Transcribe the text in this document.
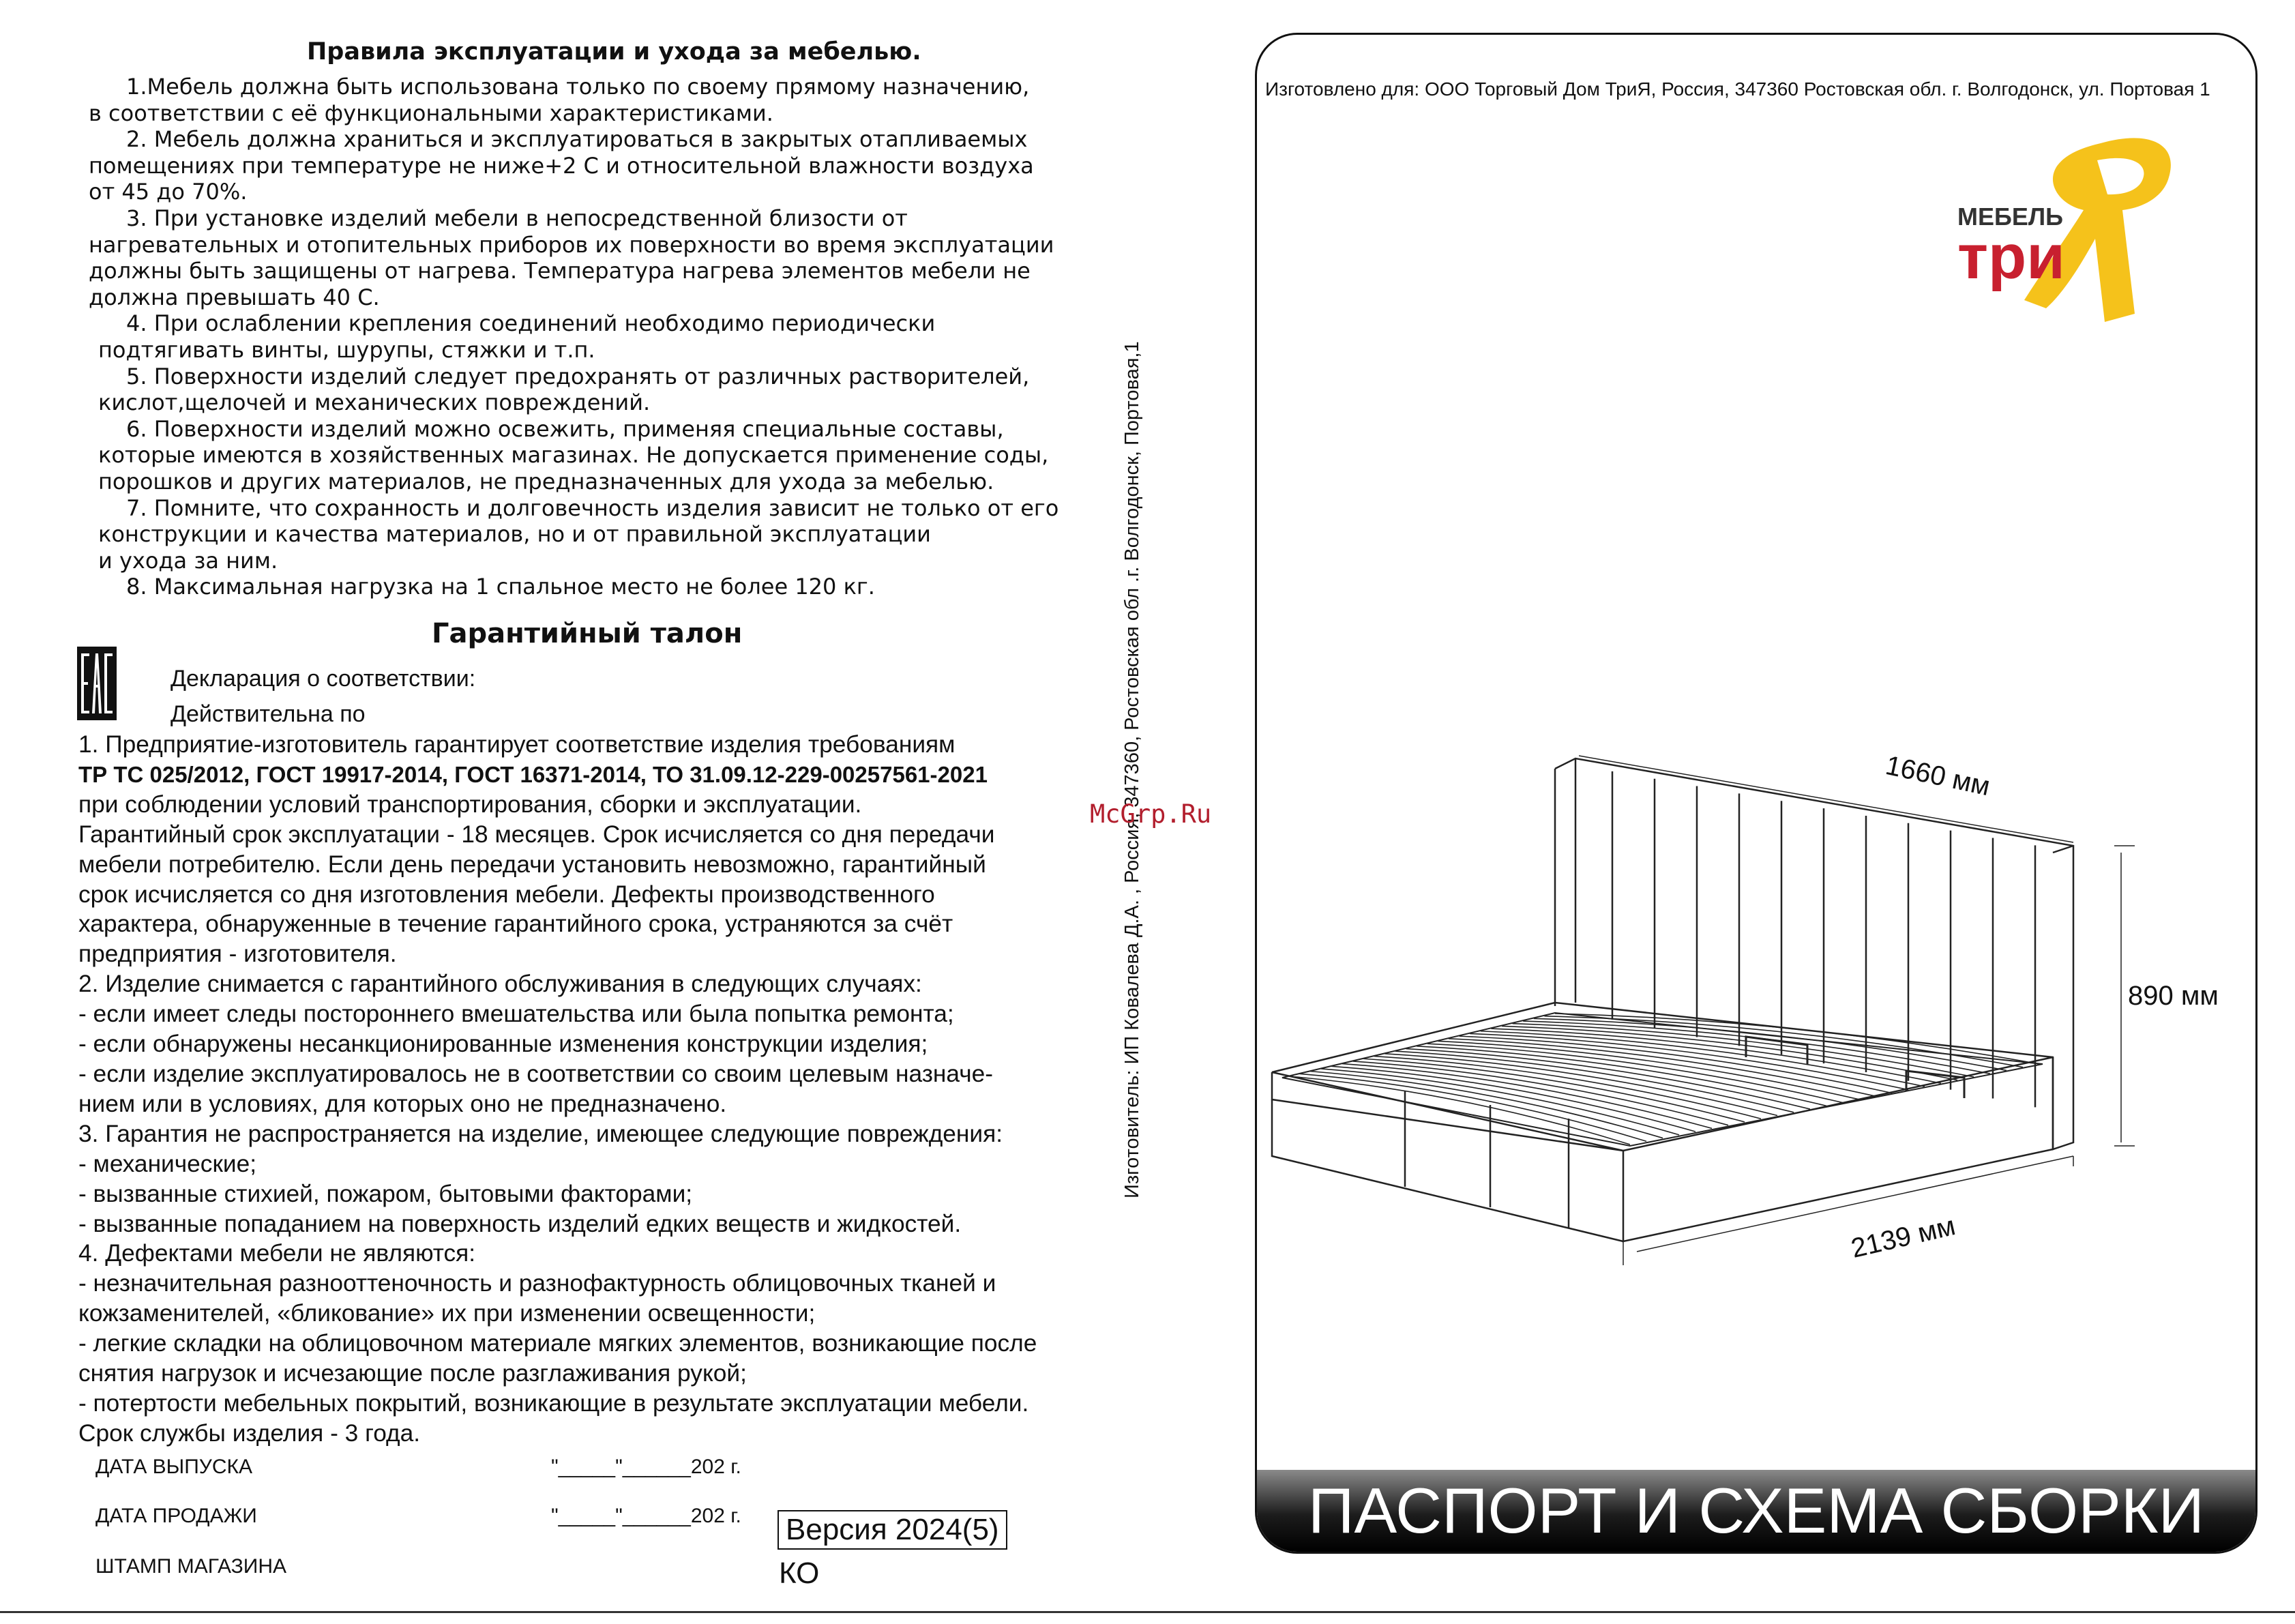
Правила эксплуатации и ухода за мебелью.

1.Мебель должна быть использована только по своему прямому назначению,

в соответствии с её функциональными характеристиками.

2. Мебель должна храниться и эксплуатироваться в закрытых отапливаемых

помещениях при температуре не ниже+2 С и относительной влажности воздуха

от 45 до 70%.

3. При установке изделий мебели в непосредственной близости от

нагревательных и отопительных приборов их поверхности во время эксплуатации

должны быть защищены от нагрева. Температура нагрева элементов мебели не

должна превышать 40 С.

4. При ослаблении крепления соединений необходимо периодически

подтягивать винты, шурупы, стяжки и т.п.

5. Поверхности изделий следует предохранять от различных растворителей,

кислот,щелочей и механических повреждений.

6. Поверхности изделий можно освежить, применяя специальные составы,

которые имеются в хозяйственных магазинах. Не допускается применение соды,

порошков и других материалов, не предназначенных для ухода за мебелью.

7. Помните, что сохранность и долговечность изделия зависит не только от его

конструкции и качества материалов, но и от правильной эксплуатации

и ухода за ним.

8. Максимальная нагрузка на 1 спальное место не более 120 кг.

Гарантийный талон
Декларация о соответствии:
Действительна по

1. Предприятие-изготовитель гарантирует соответствие изделия требованиям

ТР ТС 025/2012, ГОСТ 19917-2014, ГОСТ 16371-2014, ТО 31.09.12-229-00257561-2021

при соблюдении условий транспортирования, сборки и эксплуатации.

Гарантийный срок эксплуатации - 18 месяцев. Срок исчисляется со дня передачи

мебели потребителю. Если день передачи установить невозможно, гарантийный

срок исчисляется со дня изготовления мебели. Дефекты производственного

характера, обнаруженные в течение гарантийного срока, устраняются за счёт

предприятия - изготовителя.

2. Изделие снимается с гарантийного обслуживания в следующих случаях:

- если имеет следы постороннего вмешательства или была попытка ремонта;

- если обнаружены несанкционированные изменения конструкции изделия;

- если изделие эксплуатировалось не в соответствии со своим целевым назначе-

нием или в условиях, для которых оно не предназначено.

3. Гарантия не распространяется на изделие, имеющее следующие повреждения:

- механические;

- вызванные стихией, пожаром, бытовыми факторами;

- вызванные попаданием на поверхность изделий едких веществ и жидкостей.

4. Дефектами мебели не являются:

- незначительная разнооттеночность и разнофактурность облицовочных тканей и

кожзаменителей, «бликование» их при изменении освещенности;

- легкие складки на облицовочном материале мягких элементов, возникающие после

снятия нагрузок и исчезающие после разглаживания рукой;

- потертости мебельных покрытий, возникающие в результате эксплуатации мебели.

Срок службы изделия - 3 года.

ДАТА ВЫПУСКА	"_____"______202 г.
ДАТА ПРОДАЖИ	"_____"______202 г.
ШТАМП МАГАЗИНА
Версия 2024(5)
КО
Изготовитель: ИП Ковалева Д.А. , Россия, 347360, Ростовская обл .г. Волгодонск, Портовая,1
McGrp.Ru
Изготовлено для: ООО Торговый Дом ТриЯ, Россия, 347360 Ростовская обл. г. Волгодонск, ул. Портовая 1
ПАСПОРТ И СХЕМА СБОРКИ
МЕБЕЛЬ
три
1660 мм
890 мм
2139 мм
